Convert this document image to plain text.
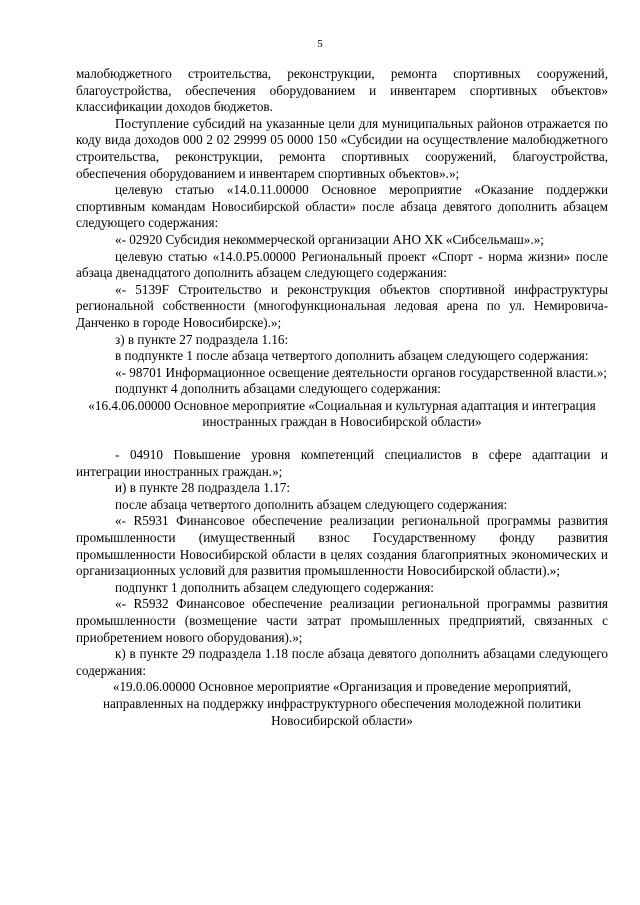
5

малобюджетного строительства, реконструкции, ремонта спортивных сооружений, благоустройства, обеспечения оборудованием и инвентарем спортивных объектов» классификации доходов бюджетов.

Поступление субсидий на указанные цели для муниципальных районов отражается по коду вида доходов 000 2 02 29999 05 0000 150 «Субсидии на осуществление малобюджетного строительства, реконструкции, ремонта спортивных сооружений, благоустройства, обеспечения оборудованием и инвентарем спортивных объектов».»;

целевую статью «14.0.11.00000 Основное мероприятие «Оказание поддержки спортивным командам Новосибирской области» после абзаца девятого дополнить абзацем следующего содержания:

«- 02920 Субсидия некоммерческой организации АНО ХК «Сибсельмаш».»;

целевую статью «14.0.P5.00000 Региональный проект «Спорт - норма жизни» после абзаца двенадцатого дополнить абзацем следующего содержания:

«- 5139F Строительство и реконструкция объектов спортивной инфраструктуры региональной собственности (многофункциональная ледовая арена по ул. Немировича-Данченко в городе Новосибирске).»;

з) в пункте 27 подраздела 1.16:

в подпункте 1 после абзаца четвертого дополнить абзацем следующего содержания:

«- 98701 Информационное освещение деятельности органов государственной власти.»;

подпункт 4 дополнить абзацами следующего содержания:

«16.4.06.00000 Основное мероприятие «Социальная и культурная адаптация и интеграция иностранных граждан в Новосибирской области»

- 04910 Повышение уровня компетенций специалистов в сфере адаптации и интеграции иностранных граждан.»;

и) в пункте 28 подраздела 1.17:

после абзаца четвертого дополнить абзацем следующего содержания:

«- R5931 Финансовое обеспечение реализации региональной программы развития промышленности (имущественный взнос Государственному фонду развития промышленности Новосибирской области в целях создания благоприятных экономических и организационных условий для развития промышленности Новосибирской области).»;

подпункт 1 дополнить абзацем следующего содержания:

«- R5932 Финансовое обеспечение реализации региональной программы развития промышленности (возмещение части затрат промышленных предприятий, связанных с приобретением нового оборудования).»;

к) в пункте 29 подраздела 1.18 после абзаца девятого дополнить абзацами следующего содержания:

«19.0.06.00000 Основное мероприятие «Организация и проведение мероприятий, направленных на поддержку инфраструктурного обеспечения молодежной политики Новосибирской области»
